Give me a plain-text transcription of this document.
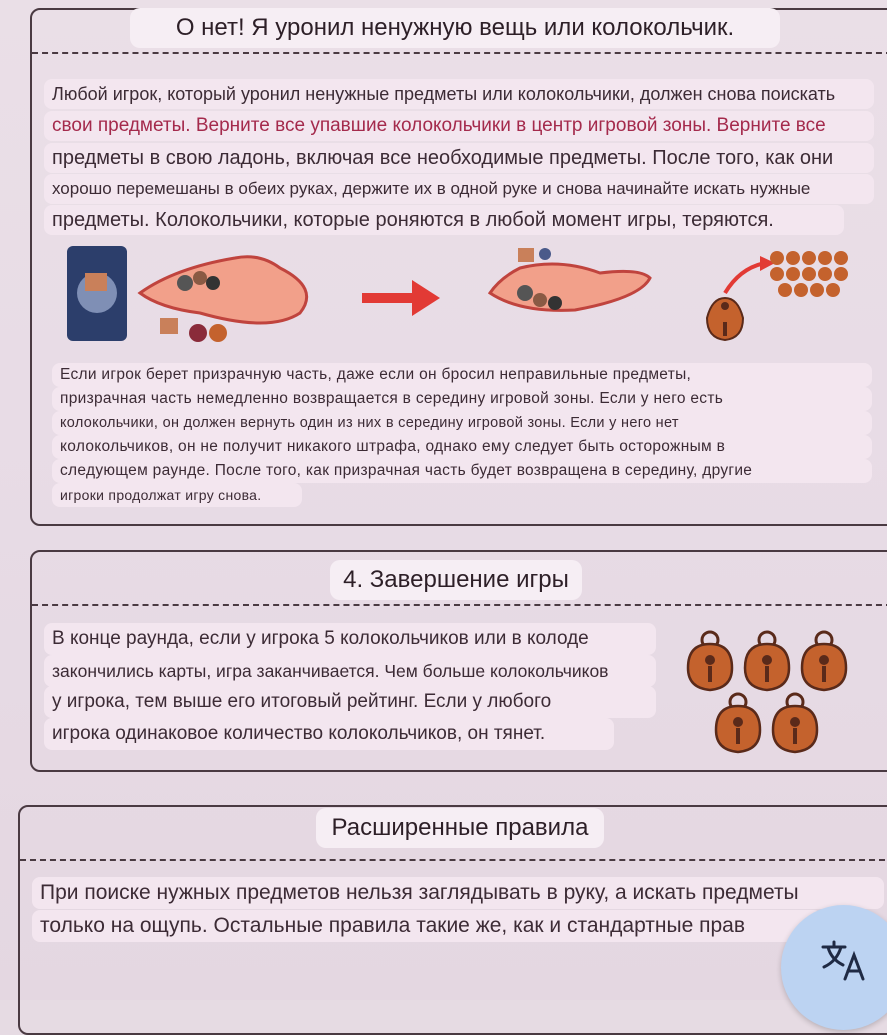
О нет! Я уронил ненужную вещь или колокольчик.
Любой игрок, который уронил ненужные предметы или колокольчики, должен снова поискать
свои предметы. Верните все упавшие колокольчики в центр игровой зоны. Верните все
предметы в свою ладонь, включая все необходимые предметы. После того, как они
хорошо перемешаны в обеих руках, держите их в одной руке и снова начинайте искать нужные
предметы. Колокольчики, которые роняются в любой момент игры, теряются.
Если игрок берет призрачную часть, даже если он бросил неправильные предметы,
призрачная часть немедленно возвращается в середину игровой зоны. Если у него есть
колокольчики, он должен вернуть один из них в середину игровой зоны. Если у него нет
колокольчиков, он не получит никакого штрафа, однако ему следует быть осторожным в
следующем раунде. После того, как призрачная часть будет возвращена в середину, другие
игроки продолжат игру снова.
4. Завершение игры
В конце раунда, если у игрока 5 колокольчиков или в колоде
закончились карты, игра заканчивается. Чем больше колокольчиков
у игрока, тем выше его итоговый рейтинг. Если у любого
игрока одинаковое количество колокольчиков, он тянет.
Расширенные правила
При поиске нужных предметов нельзя заглядывать в руку, а искать предметы
только на ощупь. Остальные правила такие же, как и стандартные прав
